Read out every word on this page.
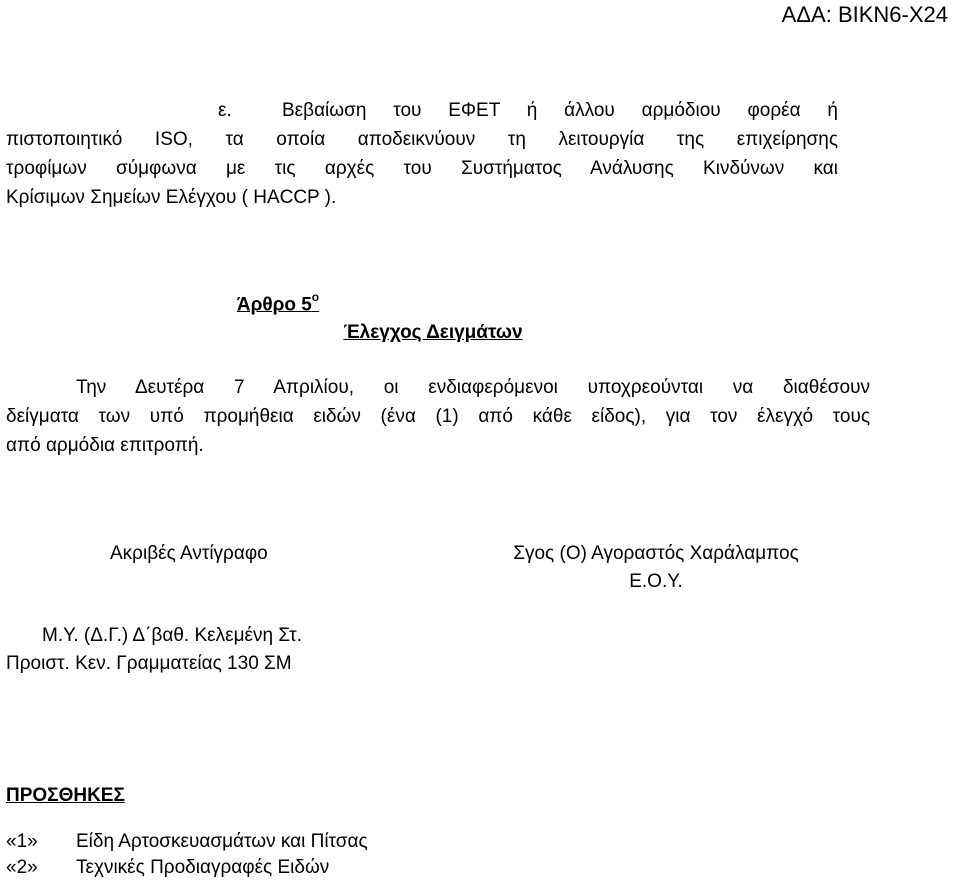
ΑΔΑ: ΒΙΚΝ6-Χ24
ε.	Βεβαίωση του ΕΦΕΤ ή άλλου αρμόδιου φορέα ή
πιστοποιητικό ISO, τα οποία αποδεικνύουν τη λειτουργία της επιχείρησης
τροφίμων σύμφωνα με τις αρχές του Συστήματος Ανάλυσης Κινδύνων και
Κρίσιμων Σημείων Ελέγχου ( HACCP ).
Άρθρο $5^o$
Έλεγχος Δειγμάτων
Την Δευτέρα 7 Απριλίου, οι ενδιαφερόμενοι υποχρεούνται να διαθέσουν
δείγματα των υπό προμήθεια ειδών (ένα (1) από κάθε είδος), για τον έλεγχό τους
από αρμόδια επιτροπή.
Ακριβές Αντίγραφο	Σγος (Ο) Αγοραστός Χαράλαμπος
Ε.Ο.Υ.
Μ.Υ. (Δ.Γ.) Δ΄βαθ. Κελεμένη Στ.
Προιστ. Κεν. Γραμματείας 130 ΣΜ
ΠΡΟΣΘΗΚΕΣ
«1» Είδη Αρτοσκευασμάτων και Πίτσας
«2» Τεχνικές Προδιαγραφές Ειδών
